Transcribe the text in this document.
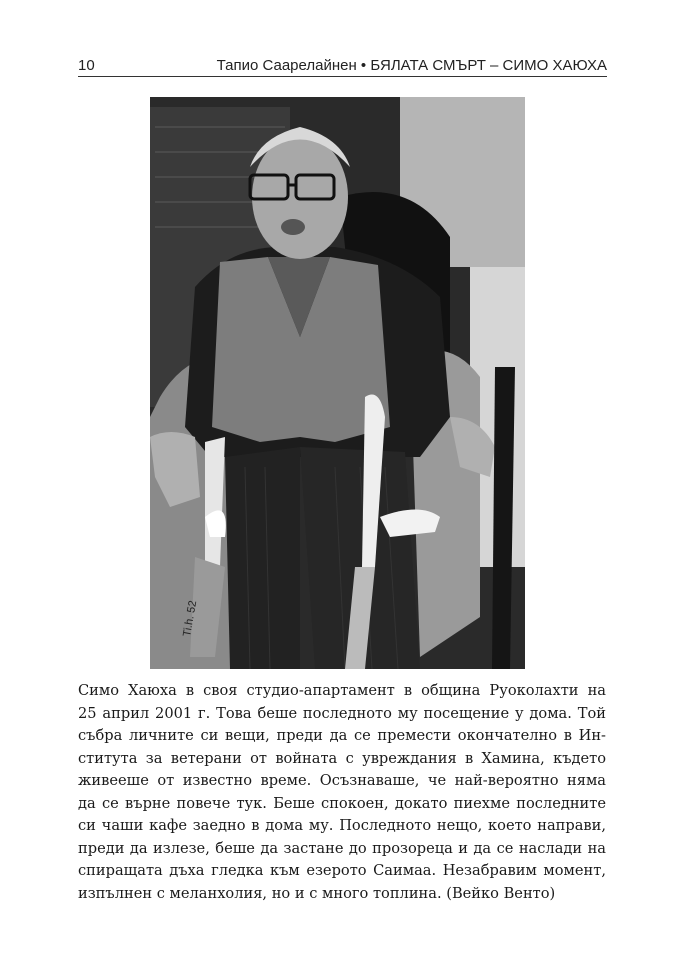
10	Тапио Саарелайнен • БЯЛАТА СМЪРТ – СИМО ХАЮХА
Ti.h. 52
Симо Хаюха в своя студио-апартамент в община Руоколахти на
25 април 2001 г. Това беше последното му посещение у дома. Той
събра личните си вещи, преди да се премести окончателно в Ин-
ститута за ветерани от войната с увреждания в Хамина, където
живееше от известно време. Осъзнаваше, че най-вероятно няма
да се върне повече тук. Беше спокоен, докато пиехме последните
си чаши кафе заедно в дома му. Последното нещо, което направи,
преди да излезе, беше да застане до прозореца и да се наслади на
спиращата дъха гледка към езерото Саимаа. Незабравим момент,
изпълнен с меланхолия, но и с много топлина. (Вейко Венто)
